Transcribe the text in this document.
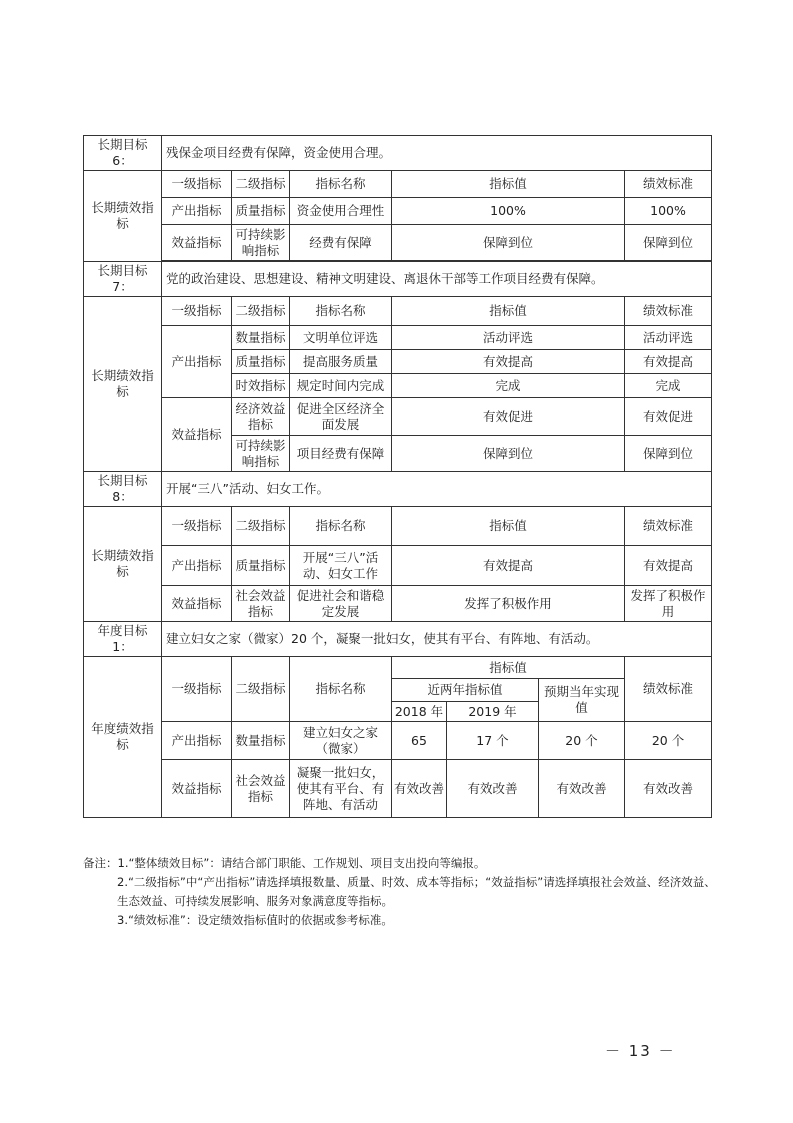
长期目标 6：	残保金项目经费有保障，资金使用合理。						
长期绩效指标	一级指标	二级指标	指标名称	指标值			绩效标准
	产出指标	质量指标	资金使用合理性	100%			100%
	效益指标	可持续影响指标	经费有保障	保障到位			保障到位

长期目标 7：	党的政治建设、思想建设、精神文明建设、离退休干部等工作项目经费有保障。						
长期绩效指标	一级指标	二级指标	指标名称	指标值			绩效标准
	产出指标	数量指标	文明单位评选	活动评选			活动评选
		质量指标	提高服务质量	有效提高			有效提高
		时效指标	规定时间内完成	完成			完成
	效益指标	经济效益指标	促进全区经济全面发展	有效促进			有效促进
		可持续影响指标	项目经费有保障	保障到位			保障到位
长期目标 8：	开展“三八”活动、妇女工作。						
长期绩效指标	一级指标	二级指标	指标名称	指标值			绩效标准
	产出指标	质量指标	开展“三八”活动、妇女工作	有效提高			有效提高
	效益指标	社会效益指标	促进社会和谐稳定发展	发挥了积极作用			发挥了积极作用
年度目标 1：	建立妇女之家（微家）20 个，凝聚一批妇女，使其有平台、有阵地、有活动。						
年度绩效指标	一级指标	二级指标	指标名称	指标值			绩效标准
				近两年指标值		预期当年实现值	
				2018 年	2019 年		
	产出指标	数量指标	建立妇女之家（微家）	65	17 个	20 个	20 个
	效益指标	社会效益指标	凝聚一批妇女，使其有平台、有阵地、有活动	有效改善	有效改善	有效改善	有效改善

备注：1.“整体绩效目标”：请结合部门职能、工作规划、项目支出投向等编报。

2.“二级指标”中“产出指标”请选择填报数量、质量、时效、成本等指标；“效益指标”请选择填报社会效益、经济效益、生态效益、可持续发展影响、服务对象满意度等指标。

3.“绩效标准”：设定绩效指标值时的依据或参考标准。

－ 13 －
